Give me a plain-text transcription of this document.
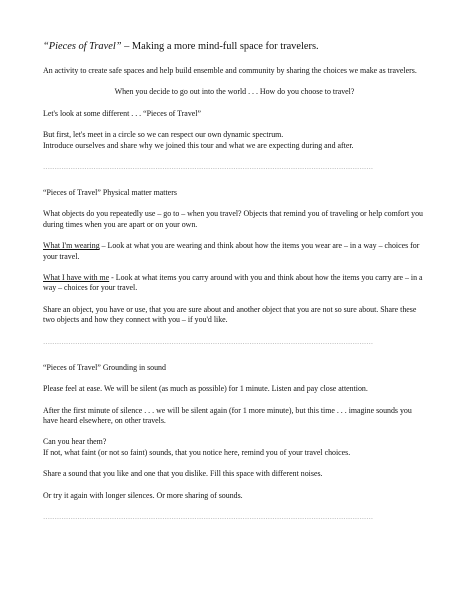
“Pieces of Travel” – Making a more mind-full space for travelers.

An activity to create safe spaces and help build ensemble and community by sharing the choices we make as travelers.

When you decide to go out into the world . . . How do you choose to travel?

Let's look at some different . . . “Pieces of Travel”

But first, let's meet in a circle so we can respect our own dynamic spectrum.

Introduce ourselves and share why we joined this tour and what we are expecting during and after.

------------------------------------------------------------------------------------------------------------------------------------------------

“Pieces of Travel” Physical matter matters

What objects do you repeatedly use – go to – when you travel? Objects that remind you of traveling or help comfort you during times when you are apart or on your own.

What I'm wearing – Look at what you are wearing and think about how the items you wear are – in a way – choices for your travel.

What I have with me - Look at what items you carry around with you and think about how the items you carry are – in a way – choices for your travel.

Share an object, you have or use, that you are sure about and another object that you are not so sure about. Share these two objects and how they connect with you – if you'd like.

------------------------------------------------------------------------------------------------------------------------------------------------

“Pieces of Travel” Grounding in sound

Please feel at ease. We will be silent (as much as possible) for 1 minute. Listen and pay close attention.

After the first minute of silence . . . we will be silent again (for 1 more minute), but this time . . . imagine sounds you have heard elsewhere, on other travels.

Can you hear them?

If not, what faint (or not so faint) sounds, that you notice here, remind you of your travel choices.

Share a sound that you like and one that you dislike. Fill this space with different noises.

Or try it again with longer silences. Or more sharing of sounds.

------------------------------------------------------------------------------------------------------------------------------------------------
